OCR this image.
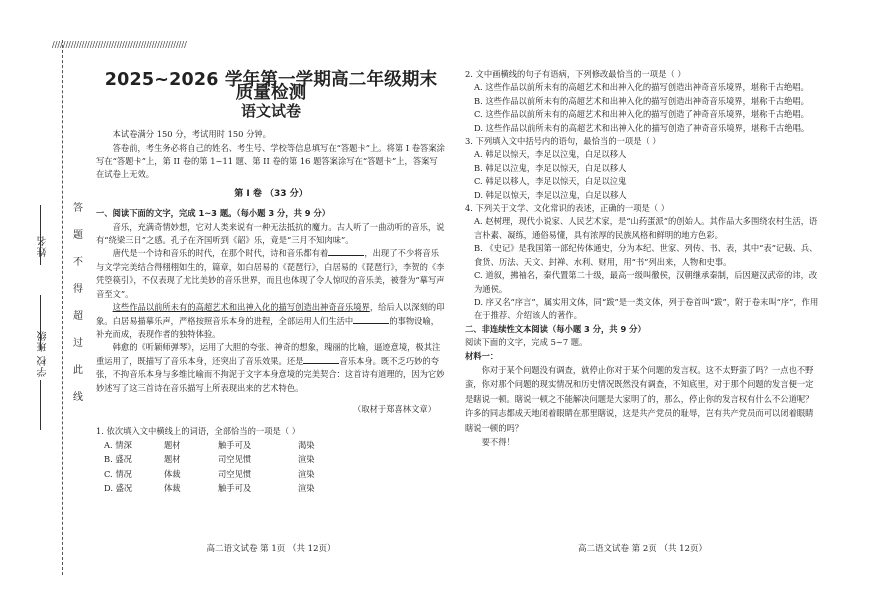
//////////////////////////////////////////////////
姓名
班级
学校
答
题
不
得
超
过
此
线
2025~2026 学年第一学期高二年级期末质量检测
语文试卷

本试卷满分 150 分，考试用时 150 分钟。

答卷前，考生务必将自己的姓名、考生号、学校等信息填写在“答题卡”上。将第 I 卷答案涂写在“答题卡”上，第 II 卷的第 1~11 题、第 II 卷的第 16 题答案涂写在“答题卡”上，答案写在试卷上无效。

第 I 卷 （33 分）

一、阅读下面的文字，完成 1~3 题。（每小题 3 分，共 9 分）

音乐，充满奇情妙想，它对人类来说有一种无法抵抗的魔力。古人听了一曲动听的音乐，说有“绕梁三日”之感。孔子在齐国听到《韶》乐，竟是“三月不知肉味”。

唐代是一个诗和音乐的时代，在那个时代，诗和音乐都有着	，出现了不少将音乐与文学完美结合得栩栩如生的，篇章，如白居易的《琵琶行》，白居易的《琵琶行》，李贺的《李凭箜篌引》，不仅表现了尤比美妙的音乐世界，而且也体现了令人惊叹的音乐美，被誉为“摹写声音至文”。

这些作品以前所未有的高超艺术和出神入化的描写创造出神奇音乐境界，给后人以深刻的印象。白居易描摹乐声，严格按照音乐本身的进程，全部运用人们生活中	的事物设喻，补充而成，表现作者的独特体验。

韩愈的《听颖师弹琴》，运用了大胆的夸张、神奇的想象，瑰丽的比喻，逼迹意境，极其注重运用了，既描写了音乐本身，还突出了音乐效果。还是	音乐本身。既不乏巧妙的夸张，不拘音乐本身与多维比喻而不拘泥于文字本身意境的完美契合：这首诗有道理的，因为它妙妙述写了这三首诗在音乐描写上所表现出来的艺术特色。

（取材于郑喜林文章）

1. 依次填入文中横线上的词语，全部恰当的一项是（ ）

A. 情深	题材	触手可及	渴染
B. 盛况	题材	司空见惯	渲染
C. 情况	体裁	司空见惯	渲染
D. 盛况	体裁	触手可及	渲染
高二语文试卷 第 1页 （共 12页）

2. 文中画横线的句子有语病，下列修改最恰当的一项是（ ）

A. 这些作品以前所未有的高超艺术和出神入化的描写创造出神奇音乐境界，堪称千古绝唱。

B. 这些作品以前所未有的高超艺术和出神入化的描写创造出神奇音乐境界，堪称千古绝唱。

C. 这些作品以前所未有的高超艺术和出神入化的描写创造了神奇音乐境界，堪称千古绝唱。

D. 这些作品以前所未有的高超艺术和出神入化的描写创造了神奇音乐境界，堪称千古绝唱。

3. 下列填入文中括号内的语句，最恰当的一项是（ ）

A. 韩足以惊天，李足以泣鬼，白足以移人

B. 韩足以泣鬼，李足以惊天，白足以移人

C. 韩足以移人，李足以惊天，白足以泣鬼

D. 韩足以惊天，李足以泣鬼，白足以移人

4. 下列关于文学、文化常识的表述，正确的一项是（ ）

A. 赵树理，现代小说家、人民艺术家，是“山药蛋派”的创始人。其作品大多围绕农村生活，语言朴素、凝练，通俗易懂，具有浓厚的民族风格和鲜明的地方色彩。

B. 《史记》是我国第一部纪传体通史，分为本纪、世家、列传、书、表，其中“表”记载、兵、食货、历法、天文、封禅、水利、财用，用“书”列出来，人物和史事。

C. 道叙，拂袖名，秦代置第二十级，最高一级叫徹侯，汉朝继承秦制，后因避汉武帝的讳，改为通侯。

D. 序又名“序言”，属实用文体，同“跋”是一类文体，列于卷首叫“跋”，附于卷末叫“序”，作用在于推荐、介绍该人的著作。

二、非连续性文本阅读（每小题 3 分，共 9 分）

阅读下面的文字，完成 5~7 题。

材料一：

你对于某个问题没有调查，就停止你对于某个问题的发言权。这不太野蛮了吗？一点也不野蛮，你对那个问题的现实情况和历史情况既然没有调查，不知底里，对于那个问题的发言便一定是瞎说一顿。瞎说一顿之不能解决问题是大家明了的，那么，停止你的发言权有什么不公道呢？许多的同志都成天地闭着眼睛在那里瞎说，这是共产党员的耻辱，岂有共产党员而可以闭着眼睛瞎说一顿的吗？

要不得！

高二语文试卷 第 2页 （共 12页）
